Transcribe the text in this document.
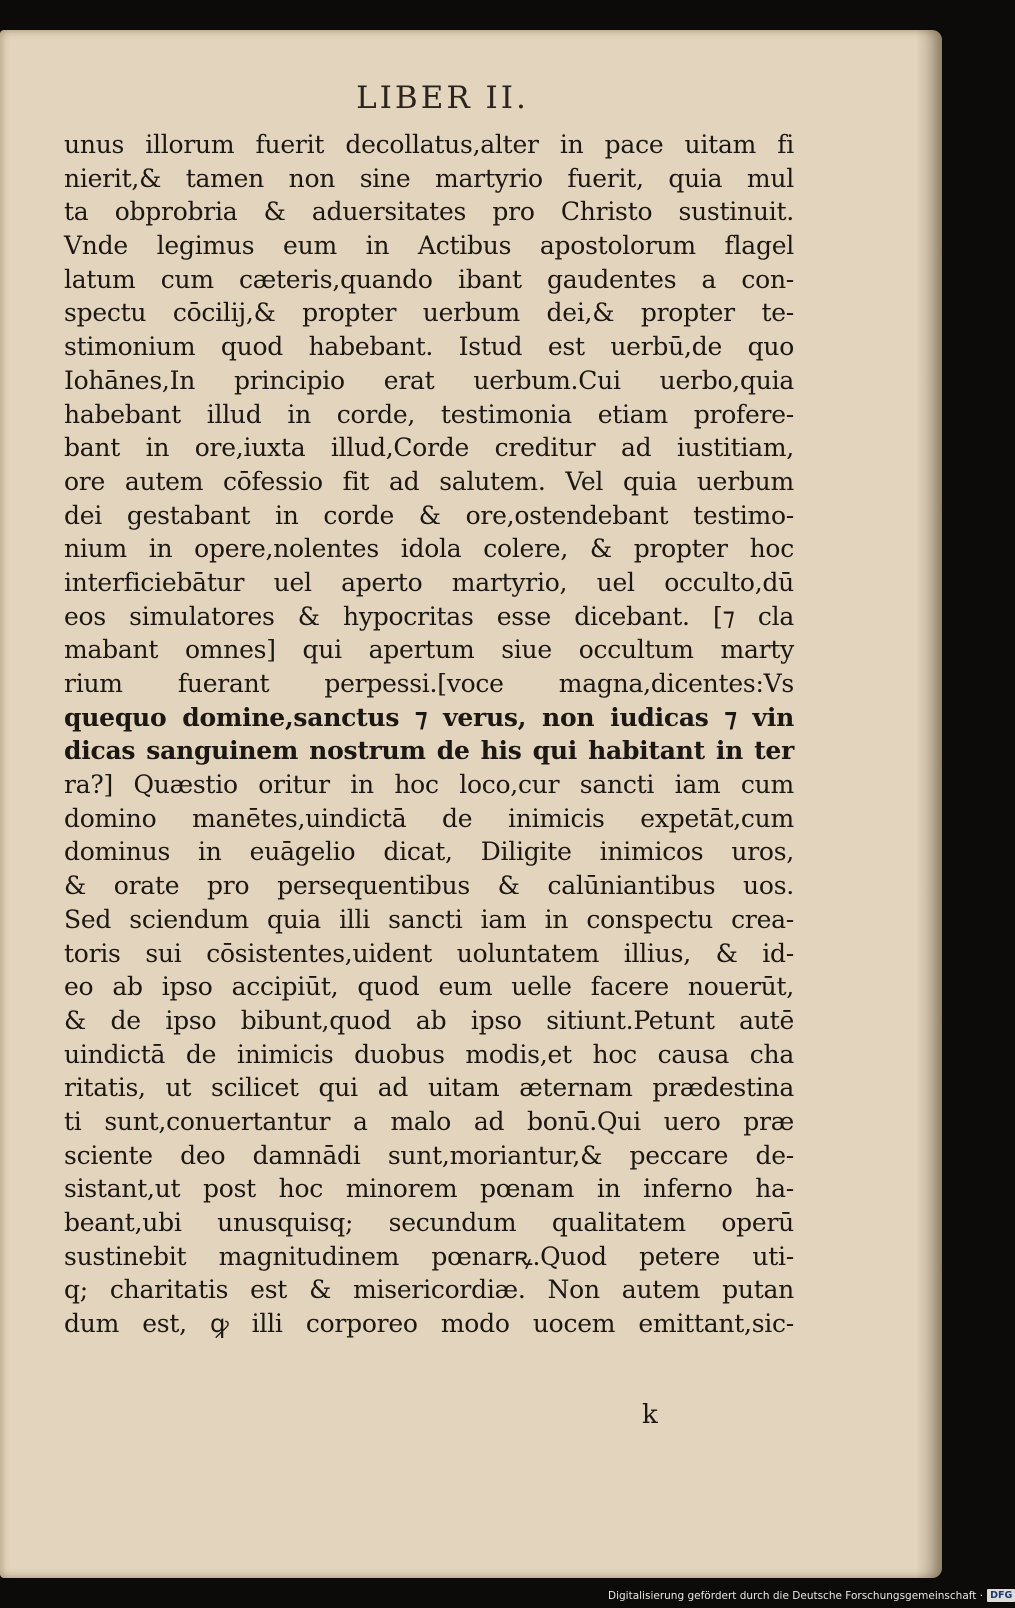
LIBER II.
unus illorum fuerit decollatus,alter in pace uitam fi
nierit,& tamen non sine martyrio fuerit, quia mul
ta obprobria & aduersitates pro Christo sustinuit.
Vnde legimus eum in Actibus apostolorum flagel
latum cum cæteris,quando ibant gaudentes a con-
spectu cōcilij,& propter uerbum dei,& propter te-
stimonium quod habebant. Istud est uerbū,de quo
Iohānes,In principio erat uerbum.Cui uerbo,quia
habebant illud in corde, testimonia etiam profere-
bant in ore,iuxta illud,Corde creditur ad iustitiam,
ore autem cōfessio fit ad salutem. Vel quia uerbum
dei gestabant in corde & ore,ostendebant testimo-
nium in opere,nolentes idola colere, & propter hoc
interficiebātur uel aperto martyrio, uel occulto,dū
eos simulatores & hypocritas esse dicebant. [⁊ cla
mabant omnes] qui apertum siue occultum marty
rium fuerant perpessi.[voce magna,dicentes:Vs
quequo domine,sanctus ⁊ verus, non iudicas ⁊ vin
dicas sanguinem nostrum de his qui habitant in ter
ra?] Quæstio oritur in hoc loco,cur sancti iam cum
domino manētes,uindictā de inimicis expetāt,cum
dominus in euāgelio dicat, Diligite inimicos uros,
& orate pro persequentibus & calūniantibus uos.
Sed sciendum quia illi sancti iam in conspectu crea-
toris sui cōsistentes,uident uoluntatem illius, & id-
eo ab ipso accipiūt, quod eum uelle facere nouerūt,
& de ipso bibunt,quod ab ipso sitiunt.Petunt autē
uindictā de inimicis duobus modis,et hoc causa cha
ritatis, ut scilicet qui ad uitam æternam prædestina
ti sunt,conuertantur a malo ad bonū.Qui uero præ
sciente deo damnādi sunt,moriantur,& peccare de-
sistant,ut post hoc minorem pœnam in inferno ha-
beant,ubi unusquisq; secundum qualitatem operū
sustinebit magnitudinem pœnarꝶ.Quod petere uti-
q; charitatis est & misericordiæ. Non autem putan
dum est, ꝙ illi corporeo modo uocem emittant,sic-
k
Digitalisierung gefördert durch die Deutsche Forschungsgemeinschaft · DFG
